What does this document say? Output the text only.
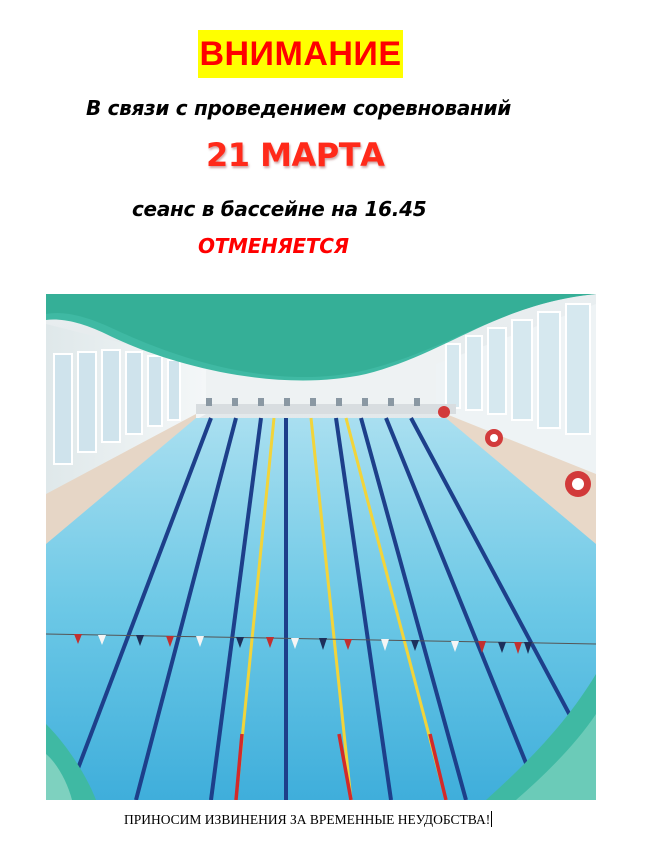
ВНИМАНИЕ
В связи с проведением соревнований
21 МАРТА
сеанс в бассейне на 16.45
ОТМЕНЯЕТСЯ
ПРИНОСИМ ИЗВИНЕНИЯ ЗА ВРЕМЕННЫЕ НЕУДОБСТВА!
